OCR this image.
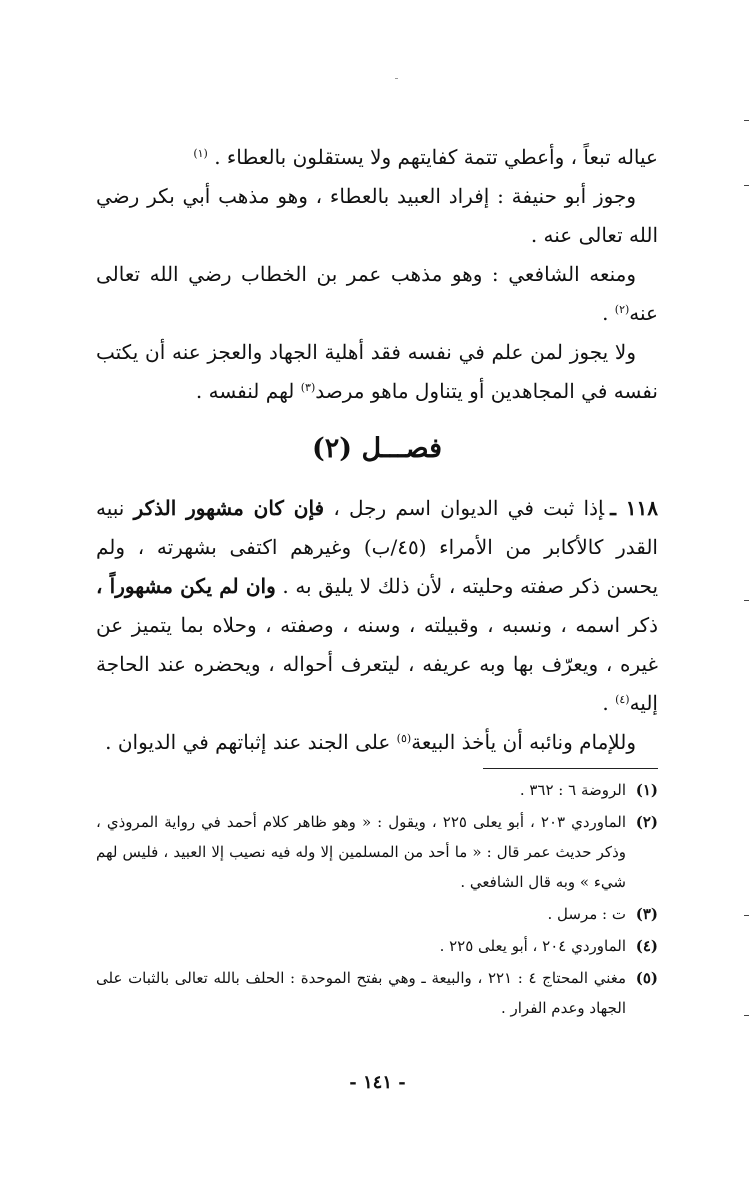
عياله تبعاً ، وأعطي تتمة كفايتهم ولا يستقلون بالعطاء . $^{(١)}$

وجوز أبو حنيفة : إفراد العبيد بالعطاء ، وهو مذهب أبي بكر رضي الله تعالى عنه .

ومنعه الشافعي : وهو مذهب عمر بن الخطاب رضي الله تعالى عنه$^{(٢)}$ .

ولا يجوز لمن علم في نفسه فقد أهلية الجهاد والعجز عنه أن يكتب نفسه في المجاهدين أو يتناول ماهو مرصد$^{(٣)}$ لهم لنفسه .

فصـــل (٢)

١١٨ ـإذا ثبت في الديوان اسم رجل ، فإن كان مشهور الذكر نبيه القدر كالأكابر من الأمراء (٤٥/ب) وغيرهم اكتفى بشهرته ، ولم يحسن ذكر صفته وحليته ، لأن ذلك لا يليق به . وان لم يكن مشهوراً ، ذكر اسمه ، ونسبه ، وقبيلته ، وسنه ، وصفته ، وحلاه بما يتميز عن غيره ، ويعرّف بها وبه عريفه ، ليتعرف أحواله ، ويحضره عند الحاجة إليه$^{(٤)}$ .

وللإمام ونائبه أن يأخذ البيعة$^{(٥)}$ على الجند عند إثباتهم في الديوان .

(١)
الروضة ٦ : ٣٦٢ .
(٢)
الماوردي ٢٠٣ ، أبو يعلى ٢٢٥ ، ويقول : « وهو ظاهر كلام أحمد في رواية المروذي ، وذكر حديث عمر قال : « ما أحد من المسلمين إلا وله فيه نصيب إلا العبيد ، فليس لهم شيء » وبه قال الشافعي .
(٣)
ت : مرسل .
(٤)
الماوردي ٢٠٤ ، أبو يعلى ٢٢٥ .
(٥)
مغني المحتاج ٤ : ٢٢١ ، والبيعة ـ وهي بفتح الموحدة : الحلف بالله تعالى بالثبات على الجهاد وعدم الفرار .
- ١٤١ -
